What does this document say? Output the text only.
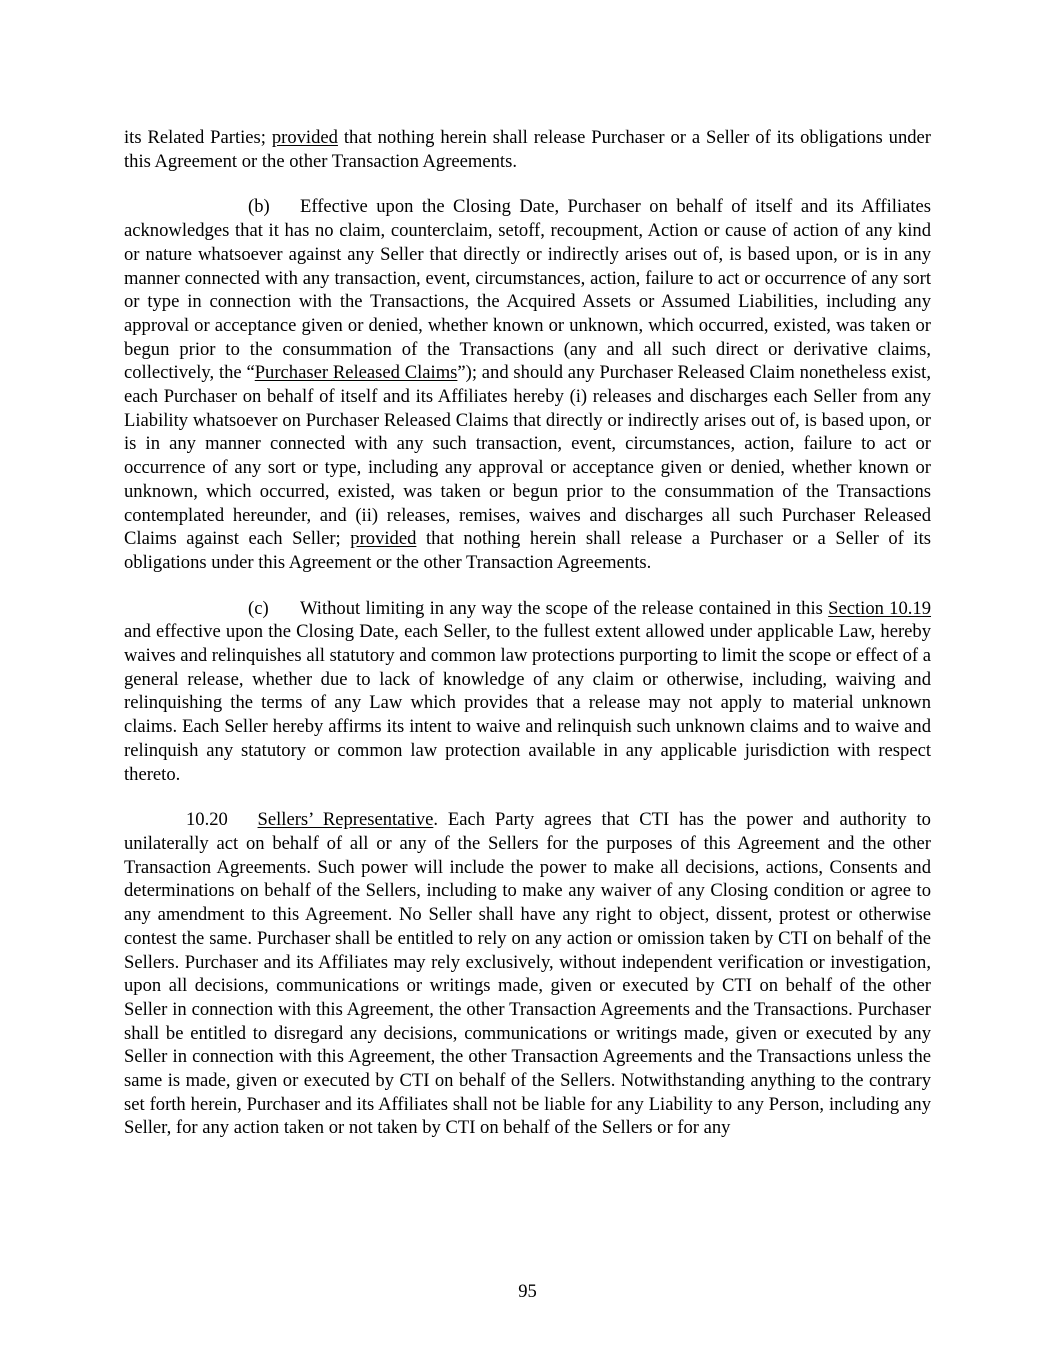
its Related Parties; provided that nothing herein shall release Purchaser or a Seller of its obligations under this Agreement or the other Transaction Agreements.

(b) Effective upon the Closing Date, Purchaser on behalf of itself and its Affiliates acknowledges that it has no claim, counterclaim, setoff, recoupment, Action or cause of action of any kind or nature whatsoever against any Seller that directly or indirectly arises out of, is based upon, or is in any manner connected with any transaction, event, circumstances, action, failure to act or occurrence of any sort or type in connection with the Transactions, the Acquired Assets or Assumed Liabilities, including any approval or acceptance given or denied, whether known or unknown, which occurred, existed, was taken or begun prior to the consummation of the Transactions (any and all such direct or derivative claims, collectively, the “Purchaser Released Claims”); and should any Purchaser Released Claim nonetheless exist, each Purchaser on behalf of itself and its Affiliates hereby (i) releases and discharges each Seller from any Liability whatsoever on Purchaser Released Claims that directly or indirectly arises out of, is based upon, or is in any manner connected with any such transaction, event, circumstances, action, failure to act or occurrence of any sort or type, including any approval or acceptance given or denied, whether known or unknown, which occurred, existed, was taken or begun prior to the consummation of the Transactions contemplated hereunder, and (ii) releases, remises, waives and discharges all such Purchaser Released Claims against each Seller; provided that nothing herein shall release a Purchaser or a Seller of its obligations under this Agreement or the other Transaction Agreements.

(c) Without limiting in any way the scope of the release contained in this Section 10.19 and effective upon the Closing Date, each Seller, to the fullest extent allowed under applicable Law, hereby waives and relinquishes all statutory and common law protections purporting to limit the scope or effect of a general release, whether due to lack of knowledge of any claim or otherwise, including, waiving and relinquishing the terms of any Law which provides that a release may not apply to material unknown claims. Each Seller hereby affirms its intent to waive and relinquish such unknown claims and to waive and relinquish any statutory or common law protection available in any applicable jurisdiction with respect thereto.

10.20 Sellers’ Representative. Each Party agrees that CTI has the power and authority to unilaterally act on behalf of all or any of the Sellers for the purposes of this Agreement and the other Transaction Agreements. Such power will include the power to make all decisions, actions, Consents and determinations on behalf of the Sellers, including to make any waiver of any Closing condition or agree to any amendment to this Agreement. No Seller shall have any right to object, dissent, protest or otherwise contest the same. Purchaser shall be entitled to rely on any action or omission taken by CTI on behalf of the Sellers. Purchaser and its Affiliates may rely exclusively, without independent verification or investigation, upon all decisions, communications or writings made, given or executed by CTI on behalf of the other Seller in connection with this Agreement, the other Transaction Agreements and the Transactions. Purchaser shall be entitled to disregard any decisions, communications or writings made, given or executed by any Seller in connection with this Agreement, the other Transaction Agreements and the Transactions unless the same is made, given or executed by CTI on behalf of the Sellers. Notwithstanding anything to the contrary set forth herein, Purchaser and its Affiliates shall not be liable for any Liability to any Person, including any Seller, for any action taken or not taken by CTI on behalf of the Sellers or for any

95
